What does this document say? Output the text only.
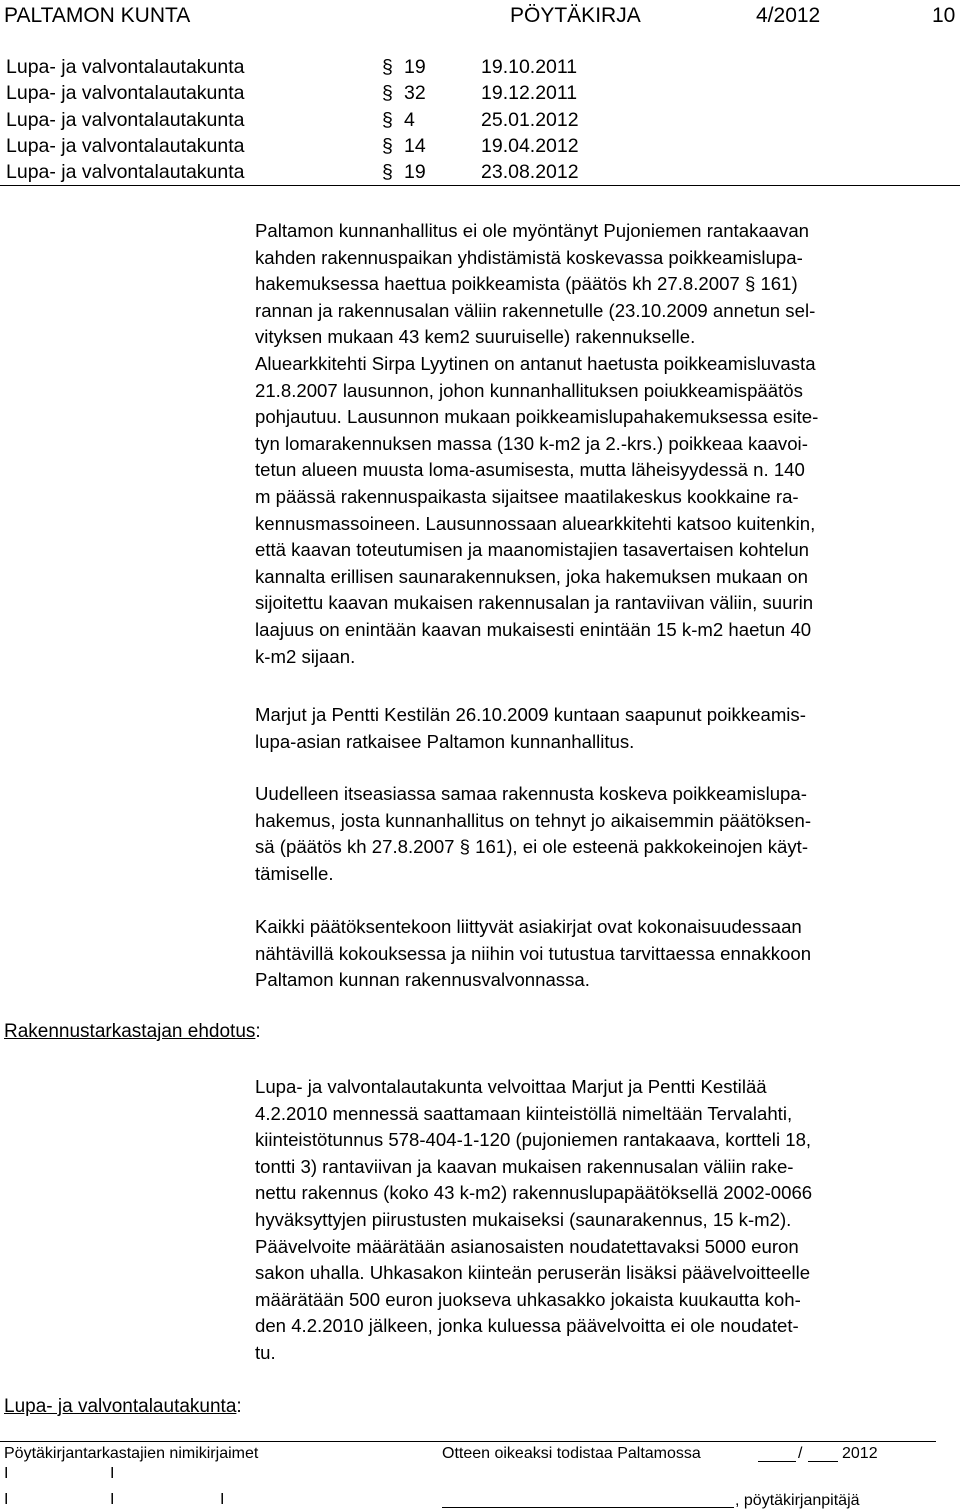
PALTAMON KUNTA	PÖYTÄKIRJA	4/2012	10
Lupa- ja valvontalautakunta	§ 19	19.10.2011
Lupa- ja valvontalautakunta	§ 32	19.12.2011
Lupa- ja valvontalautakunta	§ 4	25.01.2012
Lupa- ja valvontalautakunta	§ 14	19.04.2012
Lupa- ja valvontalautakunta	§ 19	23.08.2012
Paltamon kunnanhallitus ei ole myöntänyt Pujoniemen rantakaavan
kahden rakennuspaikan yhdistämistä koskevassa poikkeamislupa-
hakemuksessa haettua poikkeamista (päätös kh 27.8.2007 § 161)
rannan ja rakennusalan väliin rakennetulle (23.10.2009 annetun sel-
vityksen mukaan 43 kem2 suuruiselle) rakennukselle.
Aluearkkitehti Sirpa Lyytinen on antanut haetusta poikkeamisluvasta
21.8.2007 lausunnon, johon kunnanhallituksen poiukkeamispäätös
pohjautuu. Lausunnon mukaan poikkeamislupahakemuksessa esite-
tyn lomarakennuksen massa (130 k-m2 ja 2.-krs.) poikkeaa kaavoi-
tetun alueen muusta loma-asumisesta, mutta läheisyydessä n. 140
m päässä rakennuspaikasta sijaitsee maatilakeskus kookkaine ra-
kennusmassoineen. Lausunnossaan aluearkkitehti katsoo kuitenkin,
että kaavan toteutumisen ja maanomistajien tasavertaisen kohtelun
kannalta erillisen saunarakennuksen, joka hakemuksen mukaan on
sijoitettu kaavan mukaisen rakennusalan ja rantaviivan väliin, suurin
laajuus on enintään kaavan mukaisesti enintään 15 k-m2 haetun 40
k-m2 sijaan.
Marjut ja Pentti Kestilän 26.10.2009 kuntaan saapunut poikkeamis-
lupa-asian ratkaisee Paltamon kunnanhallitus.
Uudelleen itseasiassa samaa rakennusta koskeva poikkeamislupa-
hakemus, josta kunnanhallitus on tehnyt jo aikaisemmin päätöksen-
sä (päätös kh 27.8.2007 § 161), ei ole esteenä pakkokeinojen käyt-
tämiselle.
Kaikki päätöksentekoon liittyvät asiakirjat ovat kokonaisuudessaan
nähtävillä kokouksessa ja niihin voi tutustua tarvittaessa ennakkoon
Paltamon kunnan rakennusvalvonnassa.
Rakennustarkastajan ehdotus:
Lupa- ja valvontalautakunta velvoittaa Marjut ja Pentti Kestilää
4.2.2010 mennessä saattamaan kiinteistöllä nimeltään Tervalahti,
kiinteistötunnus 578-404-1-120 (pujoniemen rantakaava, kortteli 18,
tontti 3) rantaviivan ja kaavan mukaisen rakennusalan väliin rake-
nettu rakennus (koko 43 k-m2) rakennuslupapäätöksellä 2002-0066
hyväksyttyjen piirustusten mukaiseksi (saunarakennus, 15 k-m2).
Päävelvoite määrätään asianosaisten noudatettavaksi 5000 euron
sakon uhalla. Uhkasakon kiinteän peruserän lisäksi päävelvoitteelle
määrätään 500 euron juokseva uhkasakko jokaista kuukautta koh-
den 4.2.2010 jälkeen, jonka kuluessa päävelvoitta ei ole noudatet-
tu.
Lupa- ja valvontalautakunta:
Pöytäkirjantarkastajien nimikirjaimet	Otteen oikeaksi todistaa Paltamossa	/ 2012
I	I
I	I	I	, pöytäkirjanpitäjä
